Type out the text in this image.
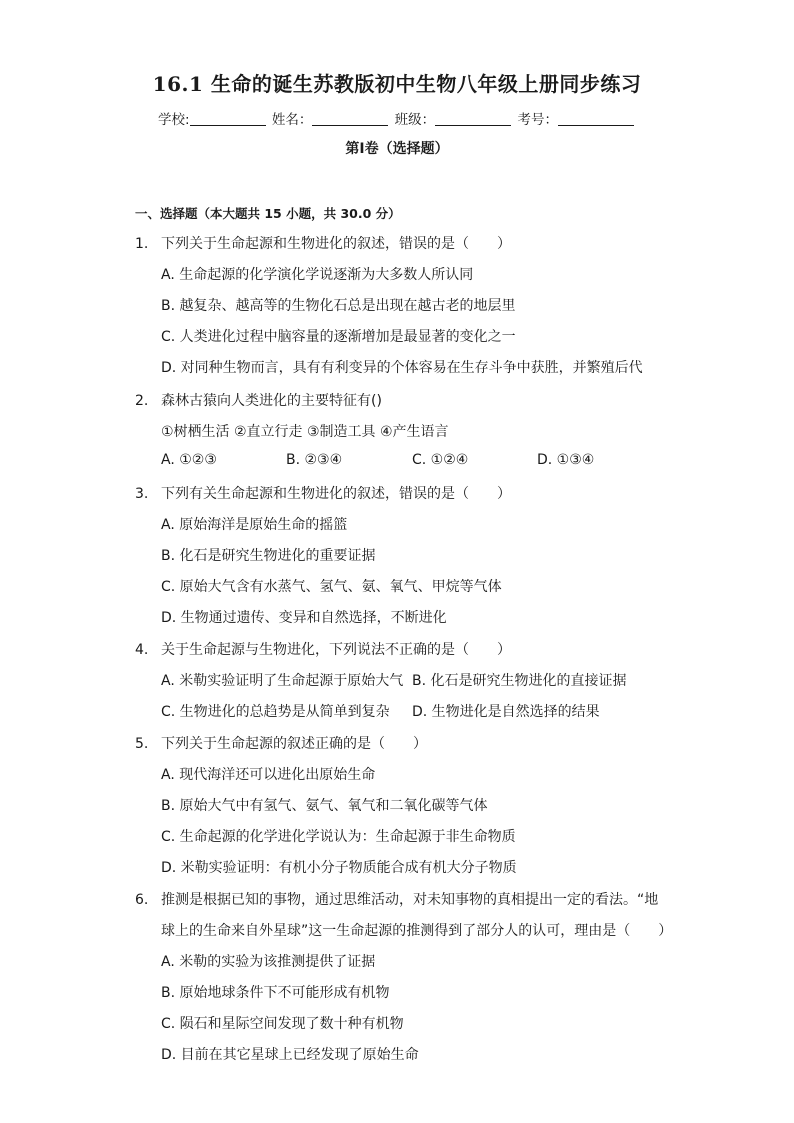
16.1 生命的诞生苏教版初中生物八年级上册同步练习
学校:	姓名：	班级：	考号：
第Ⅰ卷（选择题）
一、选择题（本大题共 15 小题，共 30.0 分）
1. 下列关于生命起源和生物进化的叙述，错误的是（　　）
A. 生命起源的化学演化学说逐渐为大多数人所认同
B. 越复杂、越高等的生物化石总是出现在越古老的地层里
C. 人类进化过程中脑容量的逐渐增加是最显著的变化之一
D. 对同种生物而言，具有有利变异的个体容易在生存斗争中获胜，并繁殖后代
2. 森林古猿向人类进化的主要特征有()
①树栖生活 ②直立行走 ③制造工具 ④产生语言
A. ①②③	B. ②③④	C. ①②④	D. ①③④
3. 下列有关生命起源和生物进化的叙述，错误的是（　　）
A. 原始海洋是原始生命的摇篮
B. 化石是研究生物进化的重要证据
C. 原始大气含有水蒸气、氢气、氨、氧气、甲烷等气体
D. 生物通过遗传、变异和自然选择，不断进化
4. 关于生命起源与生物进化，下列说法不正确的是（　　）
A. 米勒实验证明了生命起源于原始大气 B. 化石是研究生物进化的直接证据
C. 生物进化的总趋势是从简单到复杂 D. 生物进化是自然选择的结果
5. 下列关于生命起源的叙述正确的是（　　）
A. 现代海洋还可以进化出原始生命
B. 原始大气中有氢气、氨气、氧气和二氧化碳等气体
C. 生命起源的化学进化学说认为：生命起源于非生命物质
D. 米勒实验证明：有机小分子物质能合成有机大分子物质
6. 推测是根据已知的事物，通过思维活动，对未知事物的真相提出一定的看法。“地
球上的生命来自外星球”这一生命起源的推测得到了部分人的认可，理由是（　　）
A. 米勒的实验为该推测提供了证据
B. 原始地球条件下不可能形成有机物
C. 陨石和星际空间发现了数十种有机物
D. 目前在其它星球上已经发现了原始生命
